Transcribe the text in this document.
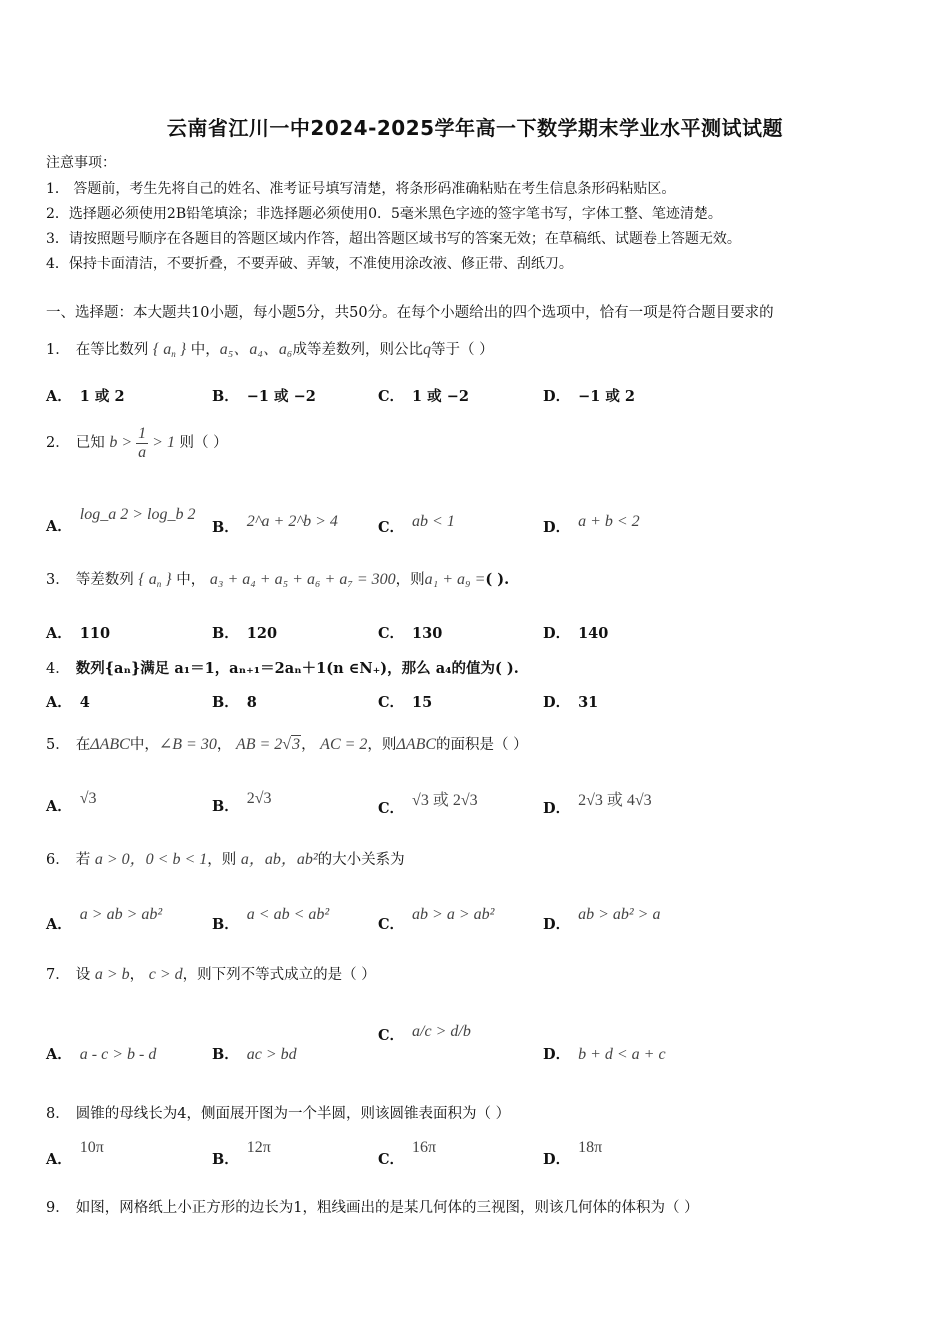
云南省江川一中2024-2025学年高一下数学期末学业水平测试试题
注意事项：
1． 答题前，考生先将自己的姓名、准考证号填写清楚，将条形码准确粘贴在考生信息条形码粘贴区。
2．选择题必须使用2B铅笔填涂；非选择题必须使用0．5毫米黑色字迹的签字笔书写，字体工整、笔迹清楚。
3．请按照题号顺序在各题目的答题区域内作答，超出答题区域书写的答案无效；在草稿纸、试题卷上答题无效。
4．保持卡面清洁，不要折叠，不要弄破、弄皱，不准使用涂改液、修正带、刮纸刀。
一、选择题：本大题共10小题，每小题5分，共50分。在每个小题给出的四个选项中，恰有一项是符合题目要求的
1． 在等比数列 { $a_n$ } 中，a₅、a₄、a₆成等差数列，则公比q等于（ ）
A． 1 或 2	B． −1 或 −2	C． 1 或 −2	D． −1 或 2
2． 已知 $b > \frac{1}{a} > 1$ 则（ ）
A．log_a 2 > log_b 2
B． 2^a + 2^b > 4	C． ab < 1	D． a + b < 2
3． 等差数列 { $a_n$ } 中， a₃ + a₄ + a₅ + a₆ + a₇ = 300，则a₁ + a₉ =( ).
A． 110	B． 120	C． 130	D． 140
4． 数列{aₙ}满足 a₁＝1，aₙ₊₁＝2aₙ＋1(n ∈N₊)，那么 a₄的值为( ).
A． 4	B． 8	C． 15	D． 31
5． 在ΔABC中，∠B = 30， AB = 2√3， AC = 2，则ΔABC的面积是（ ）
A． √3	B． 2√3
C． √3 或 2√3	D． 2√3 或 4√3
6． 若 a > 0，0 < b < 1，则 a，ab，ab²的大小关系为
A．a > ab > ab²
B．a < ab < ab²
C．ab > a > ab²
D．ab > ab² > a
7． 设 a > b， c > d，则下列不等式成立的是（ ）
A． a - c > b - d	B． ac > bd
C． a/c > d/b
D． b + d < a + c
8． 圆锥的母线长为4，侧面展开图为一个半圆，则该圆锥表面积为（ ）
A．10π
B．12π
C．16π
D．18π
9． 如图，网格纸上小正方形的边长为1，粗线画出的是某几何体的三视图，则该几何体的体积为（ ）
